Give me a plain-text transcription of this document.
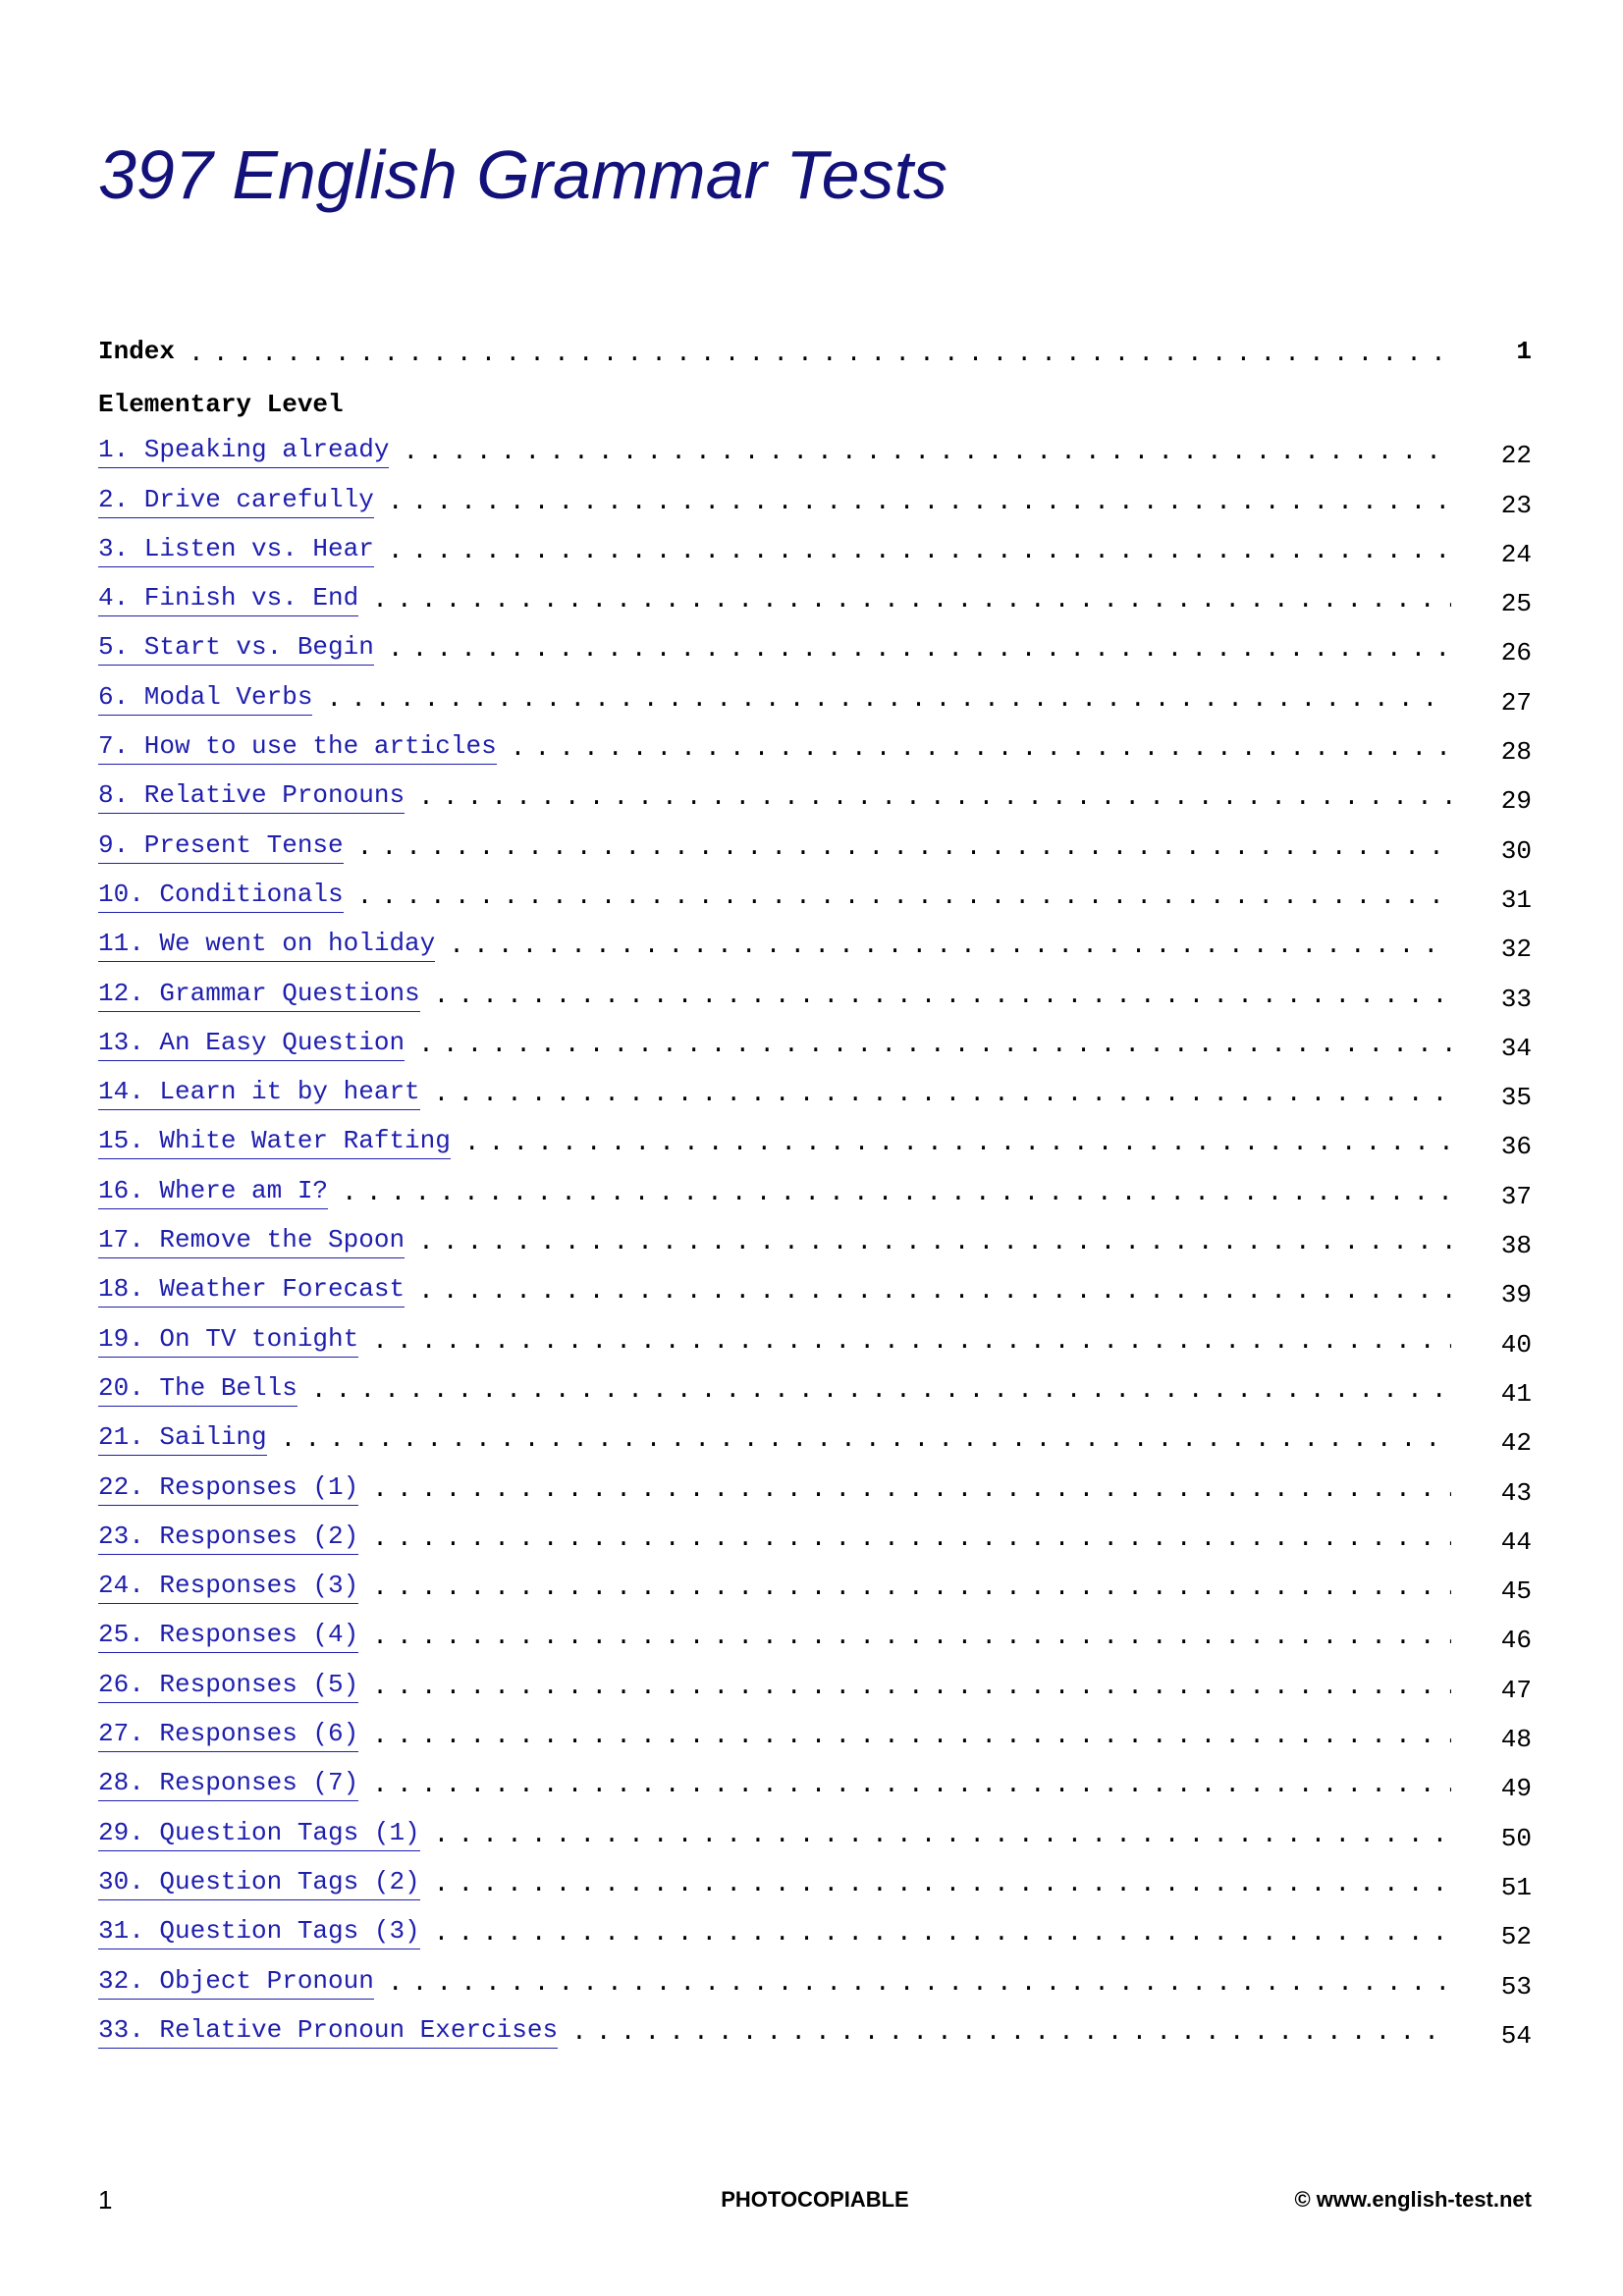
397 English Grammar Tests
Index . . .	1
Elementary Level
1. Speaking already . . .	22
2. Drive carefully . . .	23
3. Listen vs. Hear . . .	24
4. Finish vs. End . . .	25
5. Start vs. Begin . . .	26
6. Modal Verbs . . .	27
7. How to use the articles . . .	28
8. Relative Pronouns . . .	29
9. Present Tense . . .	30
10. Conditionals . . .	31
11. We went on holiday . . .	32
12. Grammar Questions . . .	33
13. An Easy Question . . .	34
14. Learn it by heart . . .	35
15. White Water Rafting . . .	36
16. Where am I? . . .	37
17. Remove the Spoon . . .	38
18. Weather Forecast . . .	39
19. On TV tonight . . .	40
20. The Bells . . .	41
21. Sailing . . .	42
22. Responses (1) . . .	43
23. Responses (2) . . .	44
24. Responses (3) . . .	45
25. Responses (4) . . .	46
26. Responses (5) . . .	47
27. Responses (6) . . .	48
28. Responses (7) . . .	49
29. Question Tags (1) . . .	50
30. Question Tags (2) . . .	51
31. Question Tags (3) . . .	52
32. Object Pronoun . . .	53
33. Relative Pronoun Exercises . . .	54
1	PHOTOCOPIABLE	© www.english-test.net
